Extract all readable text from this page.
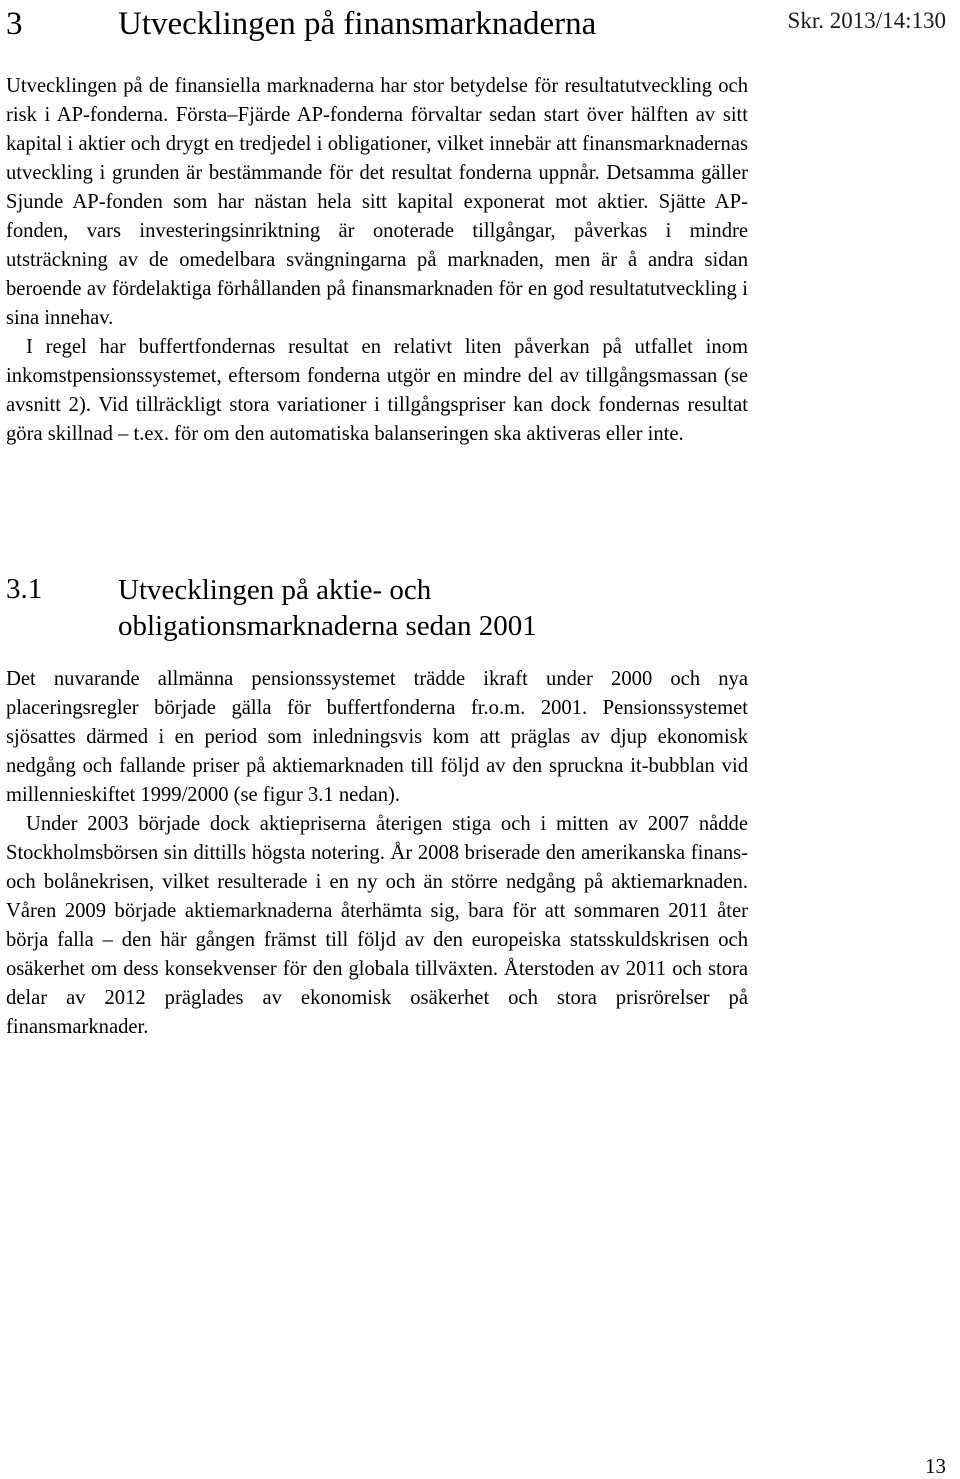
3	Utvecklingen på finansmarknaderna	Skr. 2013/14:130

Utvecklingen på de finansiella marknaderna har stor betydelse för resultatutveckling och risk i AP-fonderna. Första–Fjärde AP-fonderna förvaltar sedan start över hälften av sitt kapital i aktier och drygt en tredjedel i obligationer, vilket innebär att finansmarknadernas utveckling i grunden är bestämmande för det resultat fonderna uppnår. Detsamma gäller Sjunde AP-fonden som har nästan hela sitt kapital exponerat mot aktier. Sjätte AP-fonden, vars investeringsinriktning är onoterade tillgångar, påverkas i mindre utsträckning av de omedelbara svängningarna på marknaden, men är å andra sidan beroende av fördelaktiga förhållanden på finansmarknaden för en god resultatutveckling i sina innehav.

I regel har buffertfondernas resultat en relativt liten påverkan på utfallet inom inkomstpensionssystemet, eftersom fonderna utgör en mindre del av tillgångsmassan (se avsnitt 2). Vid tillräckligt stora variationer i tillgångspriser kan dock fondernas resultat göra skillnad – t.ex. för om den automatiska balanseringen ska aktiveras eller inte.

3.1	Utvecklingen på aktie- och obligationsmarknaderna sedan 2001

Det nuvarande allmänna pensionssystemet trädde ikraft under 2000 och nya placeringsregler började gälla för buffertfonderna fr.o.m. 2001. Pensionssystemet sjösattes därmed i en period som inledningsvis kom att präglas av djup ekonomisk nedgång och fallande priser på aktiemarknaden till följd av den spruckna it-bubblan vid millennieskiftet 1999/2000 (se figur 3.1 nedan).

Under 2003 började dock aktiepriserna återigen stiga och i mitten av 2007 nådde Stockholmsbörsen sin dittills högsta notering. År 2008 briserade den amerikanska finans- och bolånekrisen, vilket resulterade i en ny och än större nedgång på aktiemarknaden. Våren 2009 började aktiemarknaderna återhämta sig, bara för att sommaren 2011 åter börja falla – den här gången främst till följd av den europeiska statsskuldskrisen och osäkerhet om dess konsekvenser för den globala tillväxten. Återstoden av 2011 och stora delar av 2012 präglades av ekonomisk osäkerhet och stora prisrörelser på finansmarknader.

13
